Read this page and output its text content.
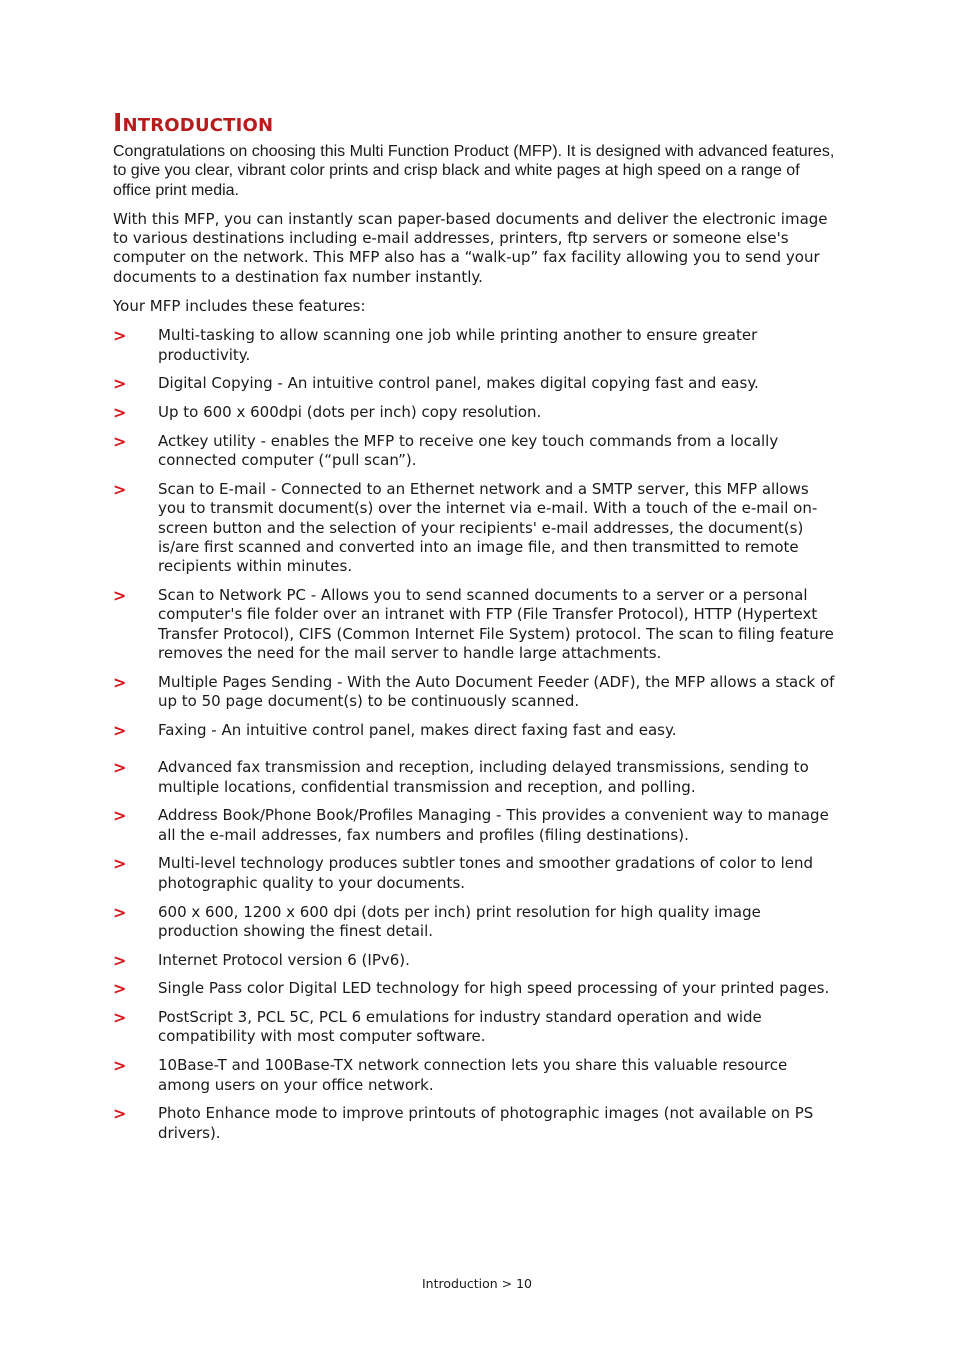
Introduction

Congratulations on choosing this Multi Function Product (MFP). It is designed with advanced features, to give you clear, vibrant color prints and crisp black and white pages at high speed on a range of office print media.

With this MFP, you can instantly scan paper-based documents and deliver the electronic image to various destinations including e-mail addresses, printers, ftp servers or someone else's computer on the network. This MFP also has a “walk-up” fax facility allowing you to send your documents to a destination fax number instantly.

Your MFP includes these features:

> Multi-tasking to allow scanning one job while printing another to ensure greater productivity.
> Digital Copying - An intuitive control panel, makes digital copying fast and easy.
> Up to 600 x 600dpi (dots per inch) copy resolution.
> Actkey utility - enables the MFP to receive one key touch commands from a locally connected computer (“pull scan”).
> Scan to E-mail - Connected to an Ethernet network and a SMTP server, this MFP allows you to transmit document(s) over the internet via e-mail. With a touch of the e-mail on-screen button and the selection of your recipients' e-mail addresses, the document(s) is/are first scanned and converted into an image file, and then transmitted to remote recipients within minutes.
> Scan to Network PC - Allows you to send scanned documents to a server or a personal computer's file folder over an intranet with FTP (File Transfer Protocol), HTTP (Hypertext Transfer Protocol), CIFS (Common Internet File System) protocol. The scan to filing feature removes the need for the mail server to handle large attachments.
> Multiple Pages Sending - With the Auto Document Feeder (ADF), the MFP allows a stack of up to 50 page document(s) to be continuously scanned.
> Faxing - An intuitive control panel, makes direct faxing fast and easy.
> Advanced fax transmission and reception, including delayed transmissions, sending to multiple locations, confidential transmission and reception, and polling.
> Address Book/Phone Book/Profiles Managing - This provides a convenient way to manage all the e-mail addresses, fax numbers and profiles (filing destinations).
> Multi-level technology produces subtler tones and smoother gradations of color to lend photographic quality to your documents.
> 600 x 600, 1200 x 600 dpi (dots per inch) print resolution for high quality image production showing the finest detail.
> Internet Protocol version 6 (IPv6).
> Single Pass color Digital LED technology for high speed processing of your printed pages.
> PostScript 3, PCL 5C, PCL 6 emulations for industry standard operation and wide compatibility with most computer software.
> 10Base-T and 100Base-TX network connection lets you share this valuable resource among users on your office network.
> Photo Enhance mode to improve printouts of photographic images (not available on PS drivers).
Introduction > 10
